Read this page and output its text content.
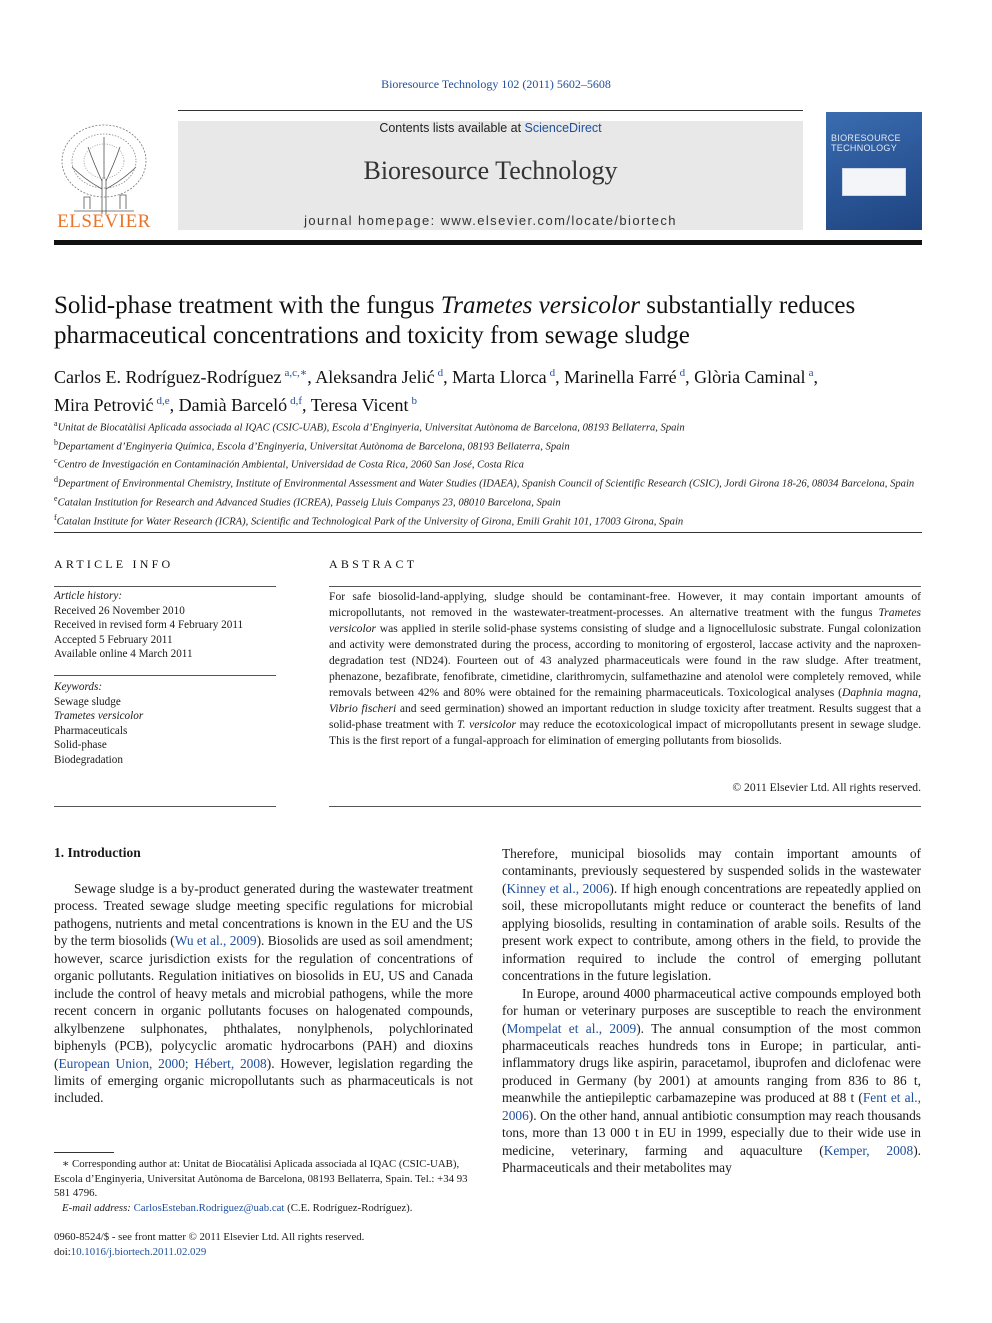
Bioresource Technology 102 (2011) 5602–5608
ELSEVIER
Contents lists available at ScienceDirect
Bioresource Technology
journal homepage: www.elsevier.com/locate/biortech
BIORESOURCE TECHNOLOGY
Solid-phase treatment with the fungus Trametes versicolor substantially reduces pharmaceutical concentrations and toxicity from sewage sludge
Carlos E. Rodríguez-Rodríguez $^{a,c,∗}$, Aleksandra Jelić $^d$, Marta Llorca $^d$, Marinella Farré $^d$, Glòria Caminal $^a$,
Mira Petrović $^{d,e}$, Damià Barceló $^{d,f}$, Teresa Vicent $^b$
$^a$Unitat de Biocatàlisi Aplicada associada al IQAC (CSIC-UAB), Escola d’Enginyeria, Universitat Autònoma de Barcelona, 08193 Bellaterra, Spain
$^b$Departament d’Enginyeria Química, Escola d’Enginyeria, Universitat Autònoma de Barcelona, 08193 Bellaterra, Spain
$^c$Centro de Investigación en Contaminación Ambiental, Universidad de Costa Rica, 2060 San José, Costa Rica
$^d$Department of Environmental Chemistry, Institute of Environmental Assessment and Water Studies (IDAEA), Spanish Council of Scientific Research (CSIC), Jordi Girona 18-26, 08034 Barcelona, Spain
$^e$Catalan Institution for Research and Advanced Studies (ICREA), Passeig Lluis Companys 23, 08010 Barcelona, Spain
$^f$Catalan Institute for Water Research (ICRA), Scientific and Technological Park of the University of Girona, Emili Grahit 101, 17003 Girona, Spain
ARTICLE INFO	ABSTRACT
Article history:
Received 26 November 2010
Received in revised form 4 February 2011
Accepted 5 February 2011
Available online 4 March 2011
Keywords:
Sewage sludge
Trametes versicolor
Pharmaceuticals
Solid-phase
Biodegradation
For safe biosolid-land-applying, sludge should be contaminant-free. However, it may contain important amounts of micropollutants, not removed in the wastewater-treatment-processes. An alternative treatment with the fungus Trametes versicolor was applied in sterile solid-phase systems consisting of sludge and a lignocellulosic substrate. Fungal colonization and activity were demonstrated during the process, according to monitoring of ergosterol, laccase activity and the naproxen-degradation test (ND24). Fourteen out of 43 analyzed pharmaceuticals were found in the raw sludge. After treatment, phenazone, bezafibrate, fenofibrate, cimetidine, clarithromycin, sulfamethazine and atenolol were completely removed, while removals between 42% and 80% were obtained for the remaining pharmaceuticals. Toxicological analyses (Daphnia magna, Vibrio fischeri and seed germination) showed an important reduction in sludge toxicity after treatment. Results suggest that a solid-phase treatment with T. versicolor may reduce the ecotoxicological impact of micropollutants present in sewage sludge. This is the first report of a fungal-approach for elimination of emerging pollutants from biosolids.
© 2011 Elsevier Ltd. All rights reserved.
1. Introduction

Sewage sludge is a by-product generated during the wastewater treatment process. Treated sewage sludge meeting specific regulations for microbial pathogens, nutrients and metal concentrations is known in the EU and the US by the term biosolids (Wu et al., 2009). Biosolids are used as soil amendment; however, scarce jurisdiction exists for the regulation of concentrations of organic pollutants. Regulation initiatives on biosolids in EU, US and Canada include the control of heavy metals and microbial pathogens, while the more recent concern in organic pollutants focuses on halogenated compounds, alkylbenzene sulphonates, phthalates, nonylphenols, polychlorinated biphenyls (PCB), polycyclic aromatic hydrocarbons (PAH) and dioxins (European Union, 2000; Hébert, 2008). However, legislation regarding the limits of emerging organic micropollutants such as pharmaceuticals is not included.

Therefore, municipal biosolids may contain important amounts of contaminants, previously sequestered by suspended solids in the wastewater (Kinney et al., 2006). If high enough concentrations are repeatedly applied on soil, these micropollutants might reduce or counteract the benefits of land applying biosolids, resulting in contamination of arable soils. Results of the present work expect to contribute, among others in the field, to provide the information required to include the control of emerging pollutant concentrations in the future legislation.

In Europe, around 4000 pharmaceutical active compounds employed both for human or veterinary purposes are susceptible to reach the environment (Mompelat et al., 2009). The annual consumption of the most common pharmaceuticals reaches hundreds tons in Europe; in particular, anti-inflammatory drugs like aspirin, paracetamol, ibuprofen and diclofenac were produced in Germany (by 2001) at amounts ranging from 836 to 86 t, meanwhile the antiepileptic carbamazepine was produced at 88 t (Fent et al., 2006). On the other hand, annual antibiotic consumption may reach thousands tons, more than 13 000 t in EU in 1999, especially due to their wide use in medicine, veterinary, farming and aquaculture (Kemper, 2008). Pharmaceuticals and their metabolites may

∗ Corresponding author at: Unitat de Biocatàlisi Aplicada associada al IQAC (CSIC-UAB), Escola d’Enginyeria, Universitat Autònoma de Barcelona, 08193 Bellaterra, Spain. Tel.: +34 93 581 4796.
E-mail address: CarlosEsteban.Rodriguez@uab.cat (C.E. Rodríguez-Rodríguez).
0960-8524/$ - see front matter © 2011 Elsevier Ltd. All rights reserved.
doi:10.1016/j.biortech.2011.02.029
